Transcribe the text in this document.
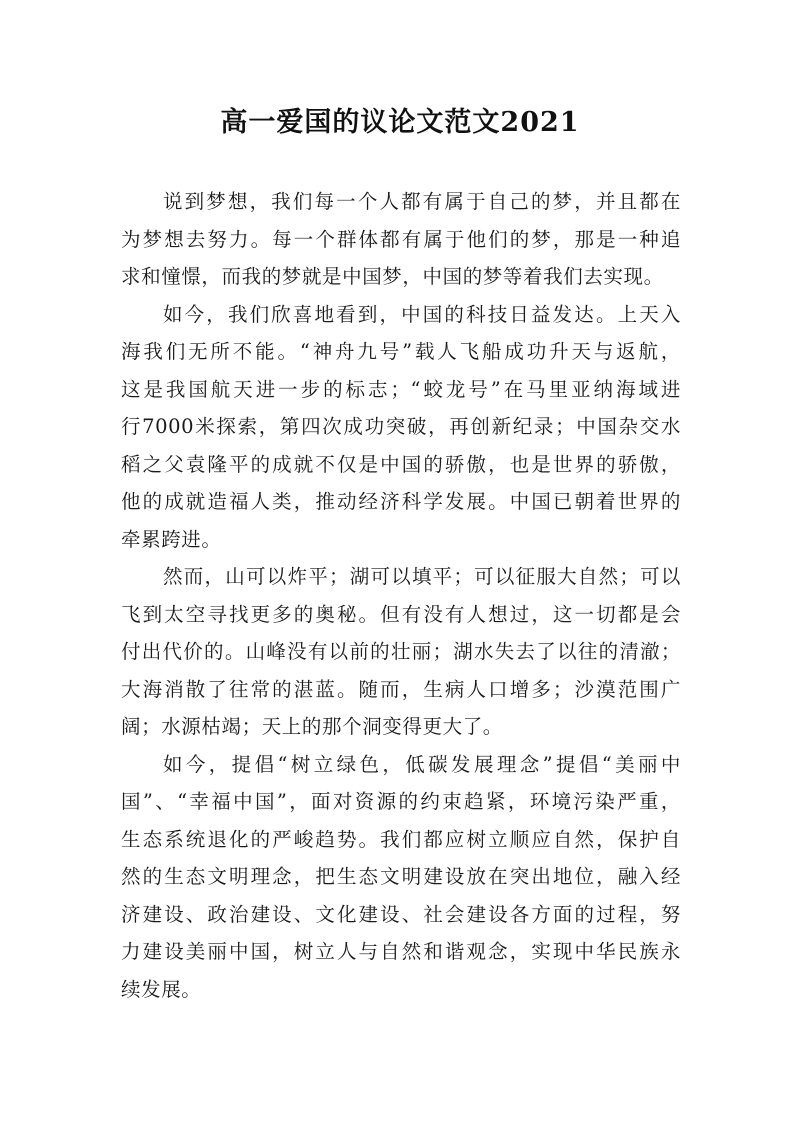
高一爱国的议论文范文2021
说到梦想，我们每一个人都有属于自己的梦，并且都在
为梦想去努力。每一个群体都有属于他们的梦，那是一种追
求和憧憬，而我的梦就是中国梦，中国的梦等着我们去实现。
如今，我们欣喜地看到，中国的科技日益发达。上天入
海我们无所不能。“神舟九号”载人飞船成功升天与返航，
这是我国航天进一步的标志；“蛟龙号”在马里亚纳海域进
行7000米探索，第四次成功突破，再创新纪录；中国杂交水
稻之父袁隆平的成就不仅是中国的骄傲，也是世界的骄傲，
他的成就造福人类，推动经济科学发展。中国已朝着世界的
牵累跨进。
然而，山可以炸平；湖可以填平；可以征服大自然；可以
飞到太空寻找更多的奥秘。但有没有人想过，这一切都是会
付出代价的。山峰没有以前的壮丽；湖水失去了以往的清澈；
大海消散了往常的湛蓝。随而，生病人口增多；沙漠范围广
阔；水源枯竭；天上的那个洞变得更大了。
如今，提倡“树立绿色，低碳发展理念”提倡“美丽中
国”、“幸福中国”，面对资源的约束趋紧，环境污染严重，
生态系统退化的严峻趋势。我们都应树立顺应自然，保护自
然的生态文明理念，把生态文明建设放在突出地位，融入经
济建设、政治建设、文化建设、社会建设各方面的过程，努
力建设美丽中国，树立人与自然和谐观念，实现中华民族永
续发展。
